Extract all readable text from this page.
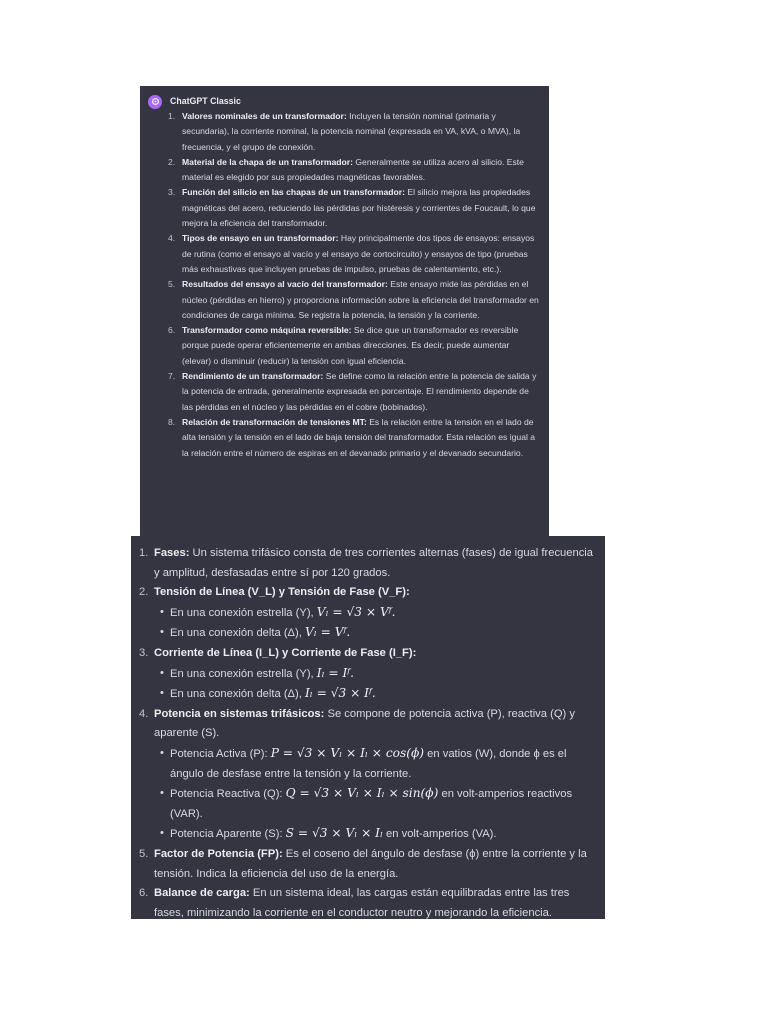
ChatGPT Classic
1. Valores nominales de un transformador: Incluyen la tensión nominal (primaria y secundaria), la corriente nominal, la potencia nominal (expresada en VA, kVA, o MVA), la frecuencia, y el grupo de conexión.
2. Material de la chapa de un transformador: Generalmente se utiliza acero al silicio. Este material es elegido por sus propiedades magnéticas favorables.
3. Función del silicio en las chapas de un transformador: El silicio mejora las propiedades magnéticas del acero, reduciendo las pérdidas por histéresis y corrientes de Foucault, lo que mejora la eficiencia del transformador.
4. Tipos de ensayo en un transformador: Hay principalmente dos tipos de ensayos: ensayos de rutina (como el ensayo al vacío y el ensayo de cortocircuito) y ensayos de tipo (pruebas más exhaustivas que incluyen pruebas de impulso, pruebas de calentamiento, etc.).
5. Resultados del ensayo al vacío del transformador: Este ensayo mide las pérdidas en el núcleo (pérdidas en hierro) y proporciona información sobre la eficiencia del transformador en condiciones de carga mínima. Se registra la potencia, la tensión y la corriente.
6. Transformador como máquina reversible: Se dice que un transformador es reversible porque puede operar eficientemente en ambas direcciones. Es decir, puede aumentar (elevar) o disminuir (reducir) la tensión con igual eficiencia.
7. Rendimiento de un transformador: Se define como la relación entre la potencia de salida y la potencia de entrada, generalmente expresada en porcentaje. El rendimiento depende de las pérdidas en el núcleo y las pérdidas en el cobre (bobinados).
8. Relación de transformación de tensiones MT: Es la relación entre la tensión en el lado de alta tensión y la tensión en el lado de baja tensión del transformador. Esta relación es igual a la relación entre el número de espiras en el devanado primario y el devanado secundario.
1. Fases: Un sistema trifásico consta de tres corrientes alternas (fases) de igual frecuencia y amplitud, desfasadas entre sí por 120 grados.
2. Tensión de Línea (V_L) y Tensión de Fase (V_F):
• En una conexión estrella (Y), Vₗ = √3 × Vᶠ.
• En una conexión delta (Δ), Vₗ = Vᶠ.
3. Corriente de Línea (I_L) y Corriente de Fase (I_F):
• En una conexión estrella (Y), Iₗ = Iᶠ.
• En una conexión delta (Δ), Iₗ = √3 × Iᶠ.
4. Potencia en sistemas trifásicos: Se compone de potencia activa (P), reactiva (Q) y aparente (S).
• Potencia Activa (P): P = √3 × Vₗ × Iₗ × cos(ϕ) en vatios (W), donde ϕ es el ángulo de desfase entre la tensión y la corriente.
• Potencia Reactiva (Q): Q = √3 × Vₗ × Iₗ × sin(ϕ) en volt-amperios reactivos (VAR).
• Potencia Aparente (S): S = √3 × Vₗ × Iₗ en volt-amperios (VA).
5. Factor de Potencia (FP): Es el coseno del ángulo de desfase (ϕ) entre la corriente y la tensión. Indica la eficiencia del uso de la energía.
6. Balance de carga: En un sistema ideal, las cargas están equilibradas entre las tres fases, minimizando la corriente en el conductor neutro y mejorando la eficiencia.
